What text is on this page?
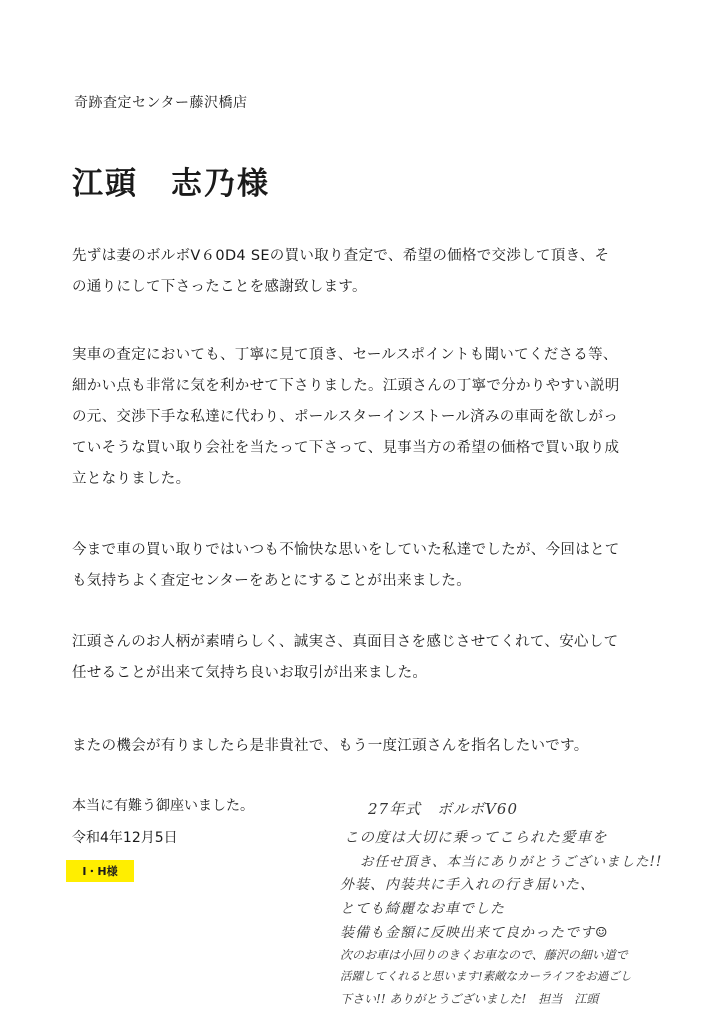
奇跡査定センター藤沢橋店
江頭　志乃様
先ずは妻のボルボV６0D4 SEの買い取り査定で、希望の価格で交渉して頂き、そ
の通りにして下さったことを感謝致します。
実車の査定においても、丁寧に見て頂き、セールスポイントも聞いてくださる等、
細かい点も非常に気を利かせて下さりました。江頭さんの丁寧で分かりやすい説明
の元、交渉下手な私達に代わり、ポールスターインストール済みの車両を欲しがっ
ていそうな買い取り会社を当たって下さって、見事当方の希望の価格で買い取り成
立となりました。
今まで車の買い取りではいつも不愉快な思いをしていた私達でしたが、今回はとて
も気持ちよく査定センターをあとにすることが出来ました。
江頭さんのお人柄が素晴らしく、誠実さ、真面目さを感じさせてくれて、安心して
任せることが出来て気持ち良いお取引が出来ました。
またの機会が有りましたら是非貴社で、もう一度江頭さんを指名したいです。
本当に有難う御座いました。
令和4年12月5日
I・H様
27年式　ボルボV60
この度は大切に乗ってこられた愛車を
お任せ頂き、本当にありがとうございました!!
外装、内装共に手入れの行き届いた、
とても綺麗なお車でした
装備も金額に反映出来て良かったです☺
次のお車は小回りのきくお車なので、藤沢の細い道で
活躍してくれると思います!素敵なカーライフをお過ごし
下さい!! ありがとうございました!　担当　江頭
